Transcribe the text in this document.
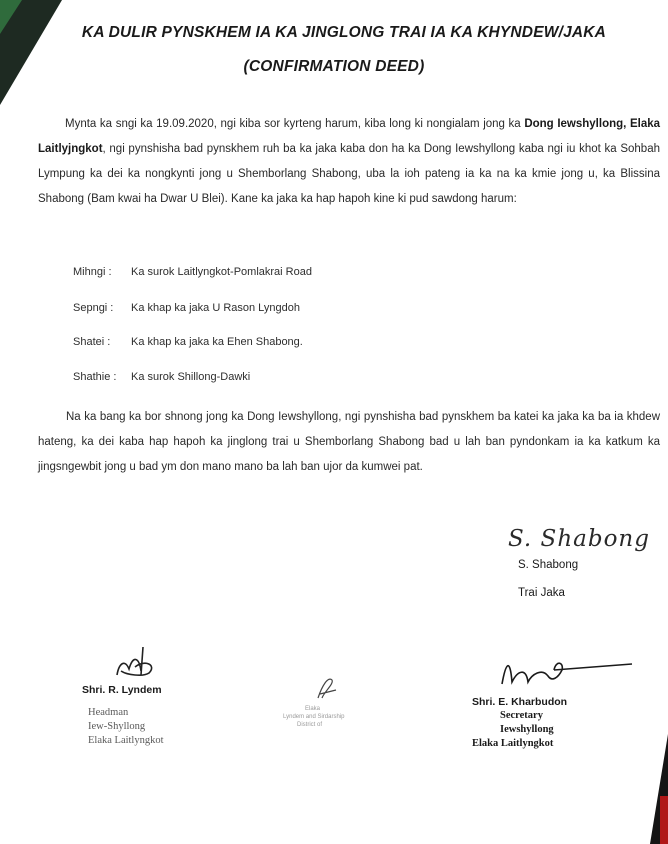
KA DULIR PYNSKHEM IA KA JINGLONG TRAI IA KA KHYNDEW/JAKA
(CONFIRMATION DEED)
Mynta ka sngi ka 19.09.2020, ngi kiba sor kyrteng harum, kiba long ki nongialam jong ka Dong Iewshyllong, Elaka Laitlyjngkot, ngi pynshisha bad pynskhem ruh ba ka jaka kaba don ha ka Dong Iewshyllong kaba ngi iu khot ka Sohbah Lympung ka dei ka nongkynti jong u Shemborlang Shabong, uba la ioh pateng ia ka na ka kmie jong u, ka Blissina Shabong (Bam kwai ha Dwar U Blei). Kane ka jaka ka hap hapoh kine ki pud sawdong harum:
Mihngi : Ka surok Laitlyngkot-Pomlakrai Road
Sepngi : Ka khap ka jaka U Rason Lyngdoh
Shatei : Ka khap ka jaka ka Ehen Shabong.
Shathie : Ka surok Shillong-Dawki
Na ka bang ka bor shnong jong ka Dong Iewshyllong, ngi pynshisha bad pynskhem ba katei ka jaka ka ba ia khdew hateng, ka dei kaba hap hapoh ka jinglong trai u Shemborlang Shabong bad u lah ban pyndonkam ia ka katkum ka jingsngewbit jong u bad ym don mano mano ba lah ban ujor da kumwei pat.
S. Shabong
S. Shabong
Trai Jaka
Shri. R. Lyndem
Headman
Iew-Shyllong
Elaka Laitlyngkot
Elaka
Lyndem and Sirdarship
District of
Shri. E. Kharbudon
Secretary
Iewshyllong
Elaka Laitlyngkot
